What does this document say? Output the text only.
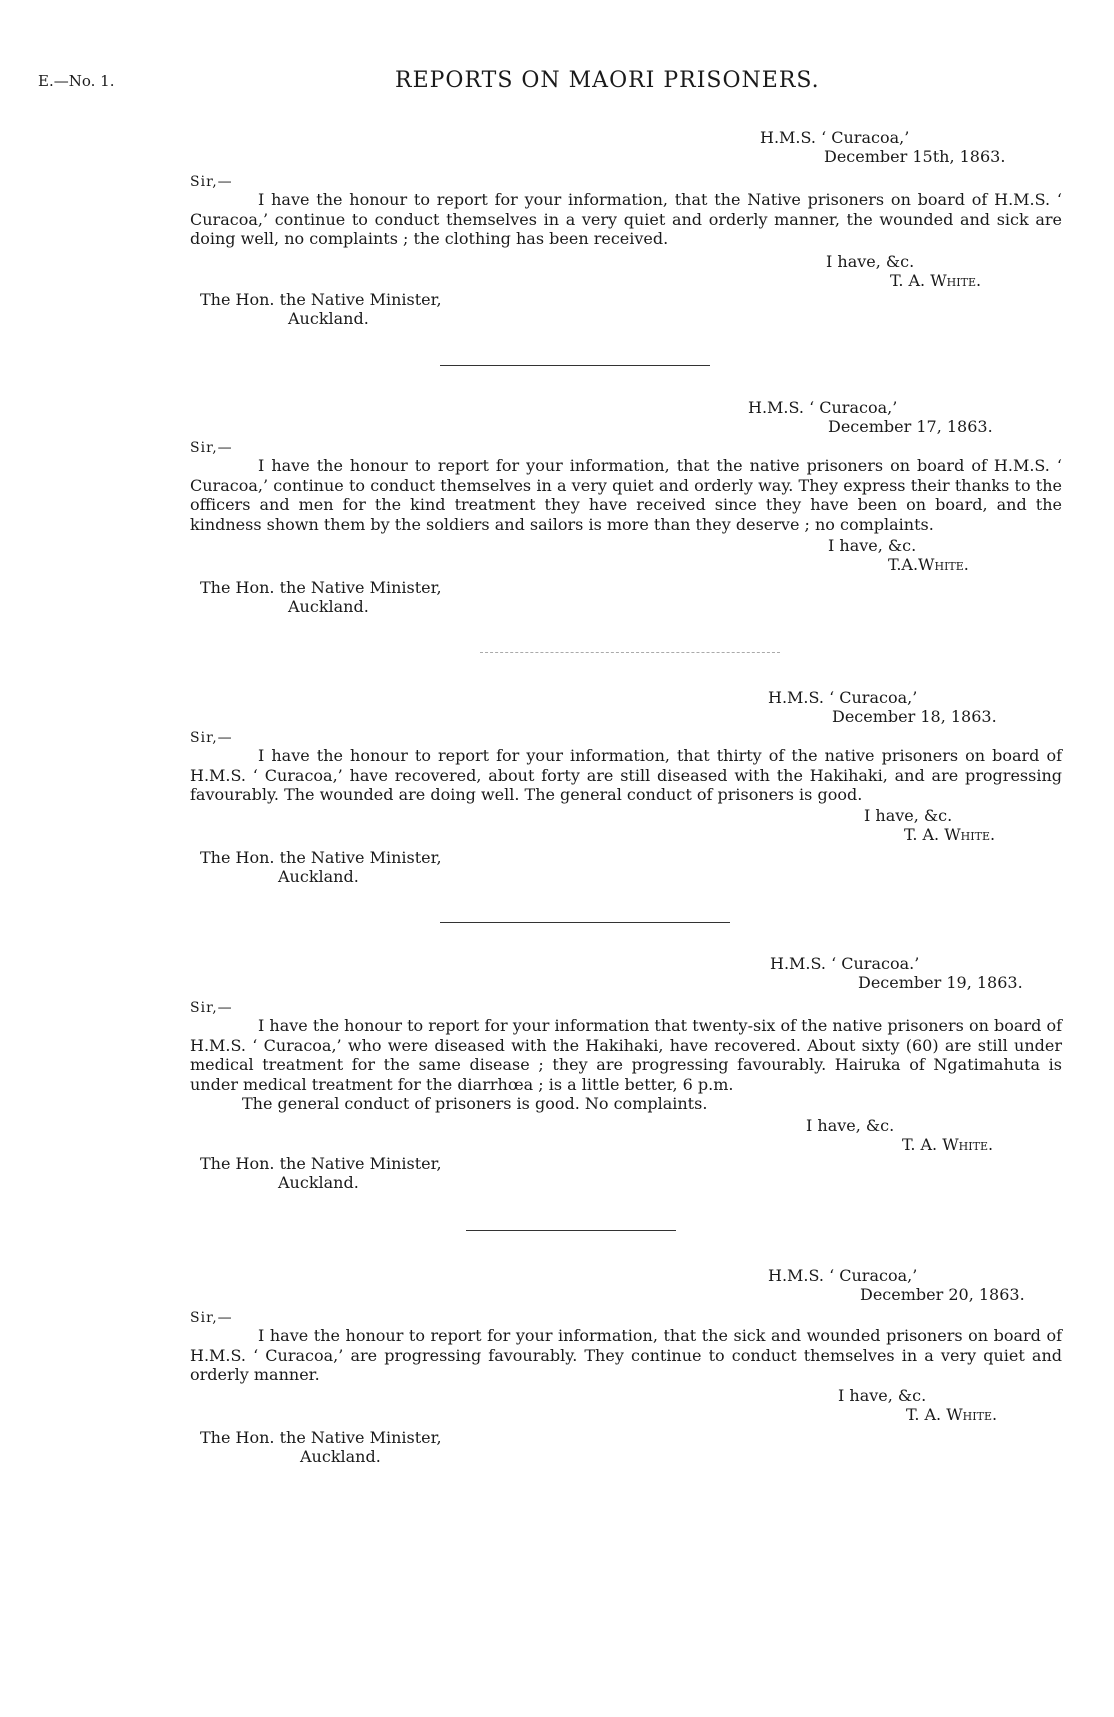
E.—No. 1.	REPORTS ON MAORI PRISONERS.
H.M.S. ‘ Curacoa,’
December 15th, 1863.
Sir,—

I have the honour to report for your information, that the Native prisoners on board of H.M.S. ‘ Curacoa,’ continue to conduct themselves in a very quiet and orderly manner, the wounded and sick are doing well, no complaints ; the clothing has been received.

I have, &c.
T. A. White.
The Hon. the Native Minister,
Auckland.
H.M.S. ‘ Curacoa,’
December 17, 1863.
Sir,—

I have the honour to report for your information, that the native prisoners on board of H.M.S. ‘ Curacoa,’ continue to conduct themselves in a very quiet and orderly way. They express their thanks to the officers and men for the kind treatment they have received since they have been on board, and the kindness shown them by the soldiers and sailors is more than they deserve ; no complaints.

I have, &c.
T.A.White.
The Hon. the Native Minister,
Auckland.
H.M.S. ‘ Curacoa,’
December 18, 1863.
Sir,—

I have the honour to report for your information, that thirty of the native prisoners on board of H.M.S. ‘ Curacoa,’ have recovered, about forty are still diseased with the Hakihaki, and are progressing favourably. The wounded are doing well. The general conduct of prisoners is good.

I have, &c.
T. A. White.
The Hon. the Native Minister,
Auckland.
H.M.S. ‘ Curacoa.’
December 19, 1863.
Sir,—

I have the honour to report for your information that twenty-six of the native prisoners on board of H.M.S. ‘ Curacoa,’ who were diseased with the Hakihaki, have recovered. About sixty (60) are still under medical treatment for the same disease ; they are progressing favourably. Hairuka of Ngatimahuta is under medical treatment for the diarrhœa ; is a little better, 6 p.m.

The general conduct of prisoners is good. No complaints.

I have, &c.
T. A. White.
The Hon. the Native Minister,
Auckland.
H.M.S. ‘ Curacoa,’
December 20, 1863.
Sir,—

I have the honour to report for your information, that the sick and wounded prisoners on board of H.M.S. ‘ Curacoa,’ are progressing favourably. They continue to conduct themselves in a very quiet and orderly manner.

I have, &c.
T. A. White.
The Hon. the Native Minister,
Auckland.
